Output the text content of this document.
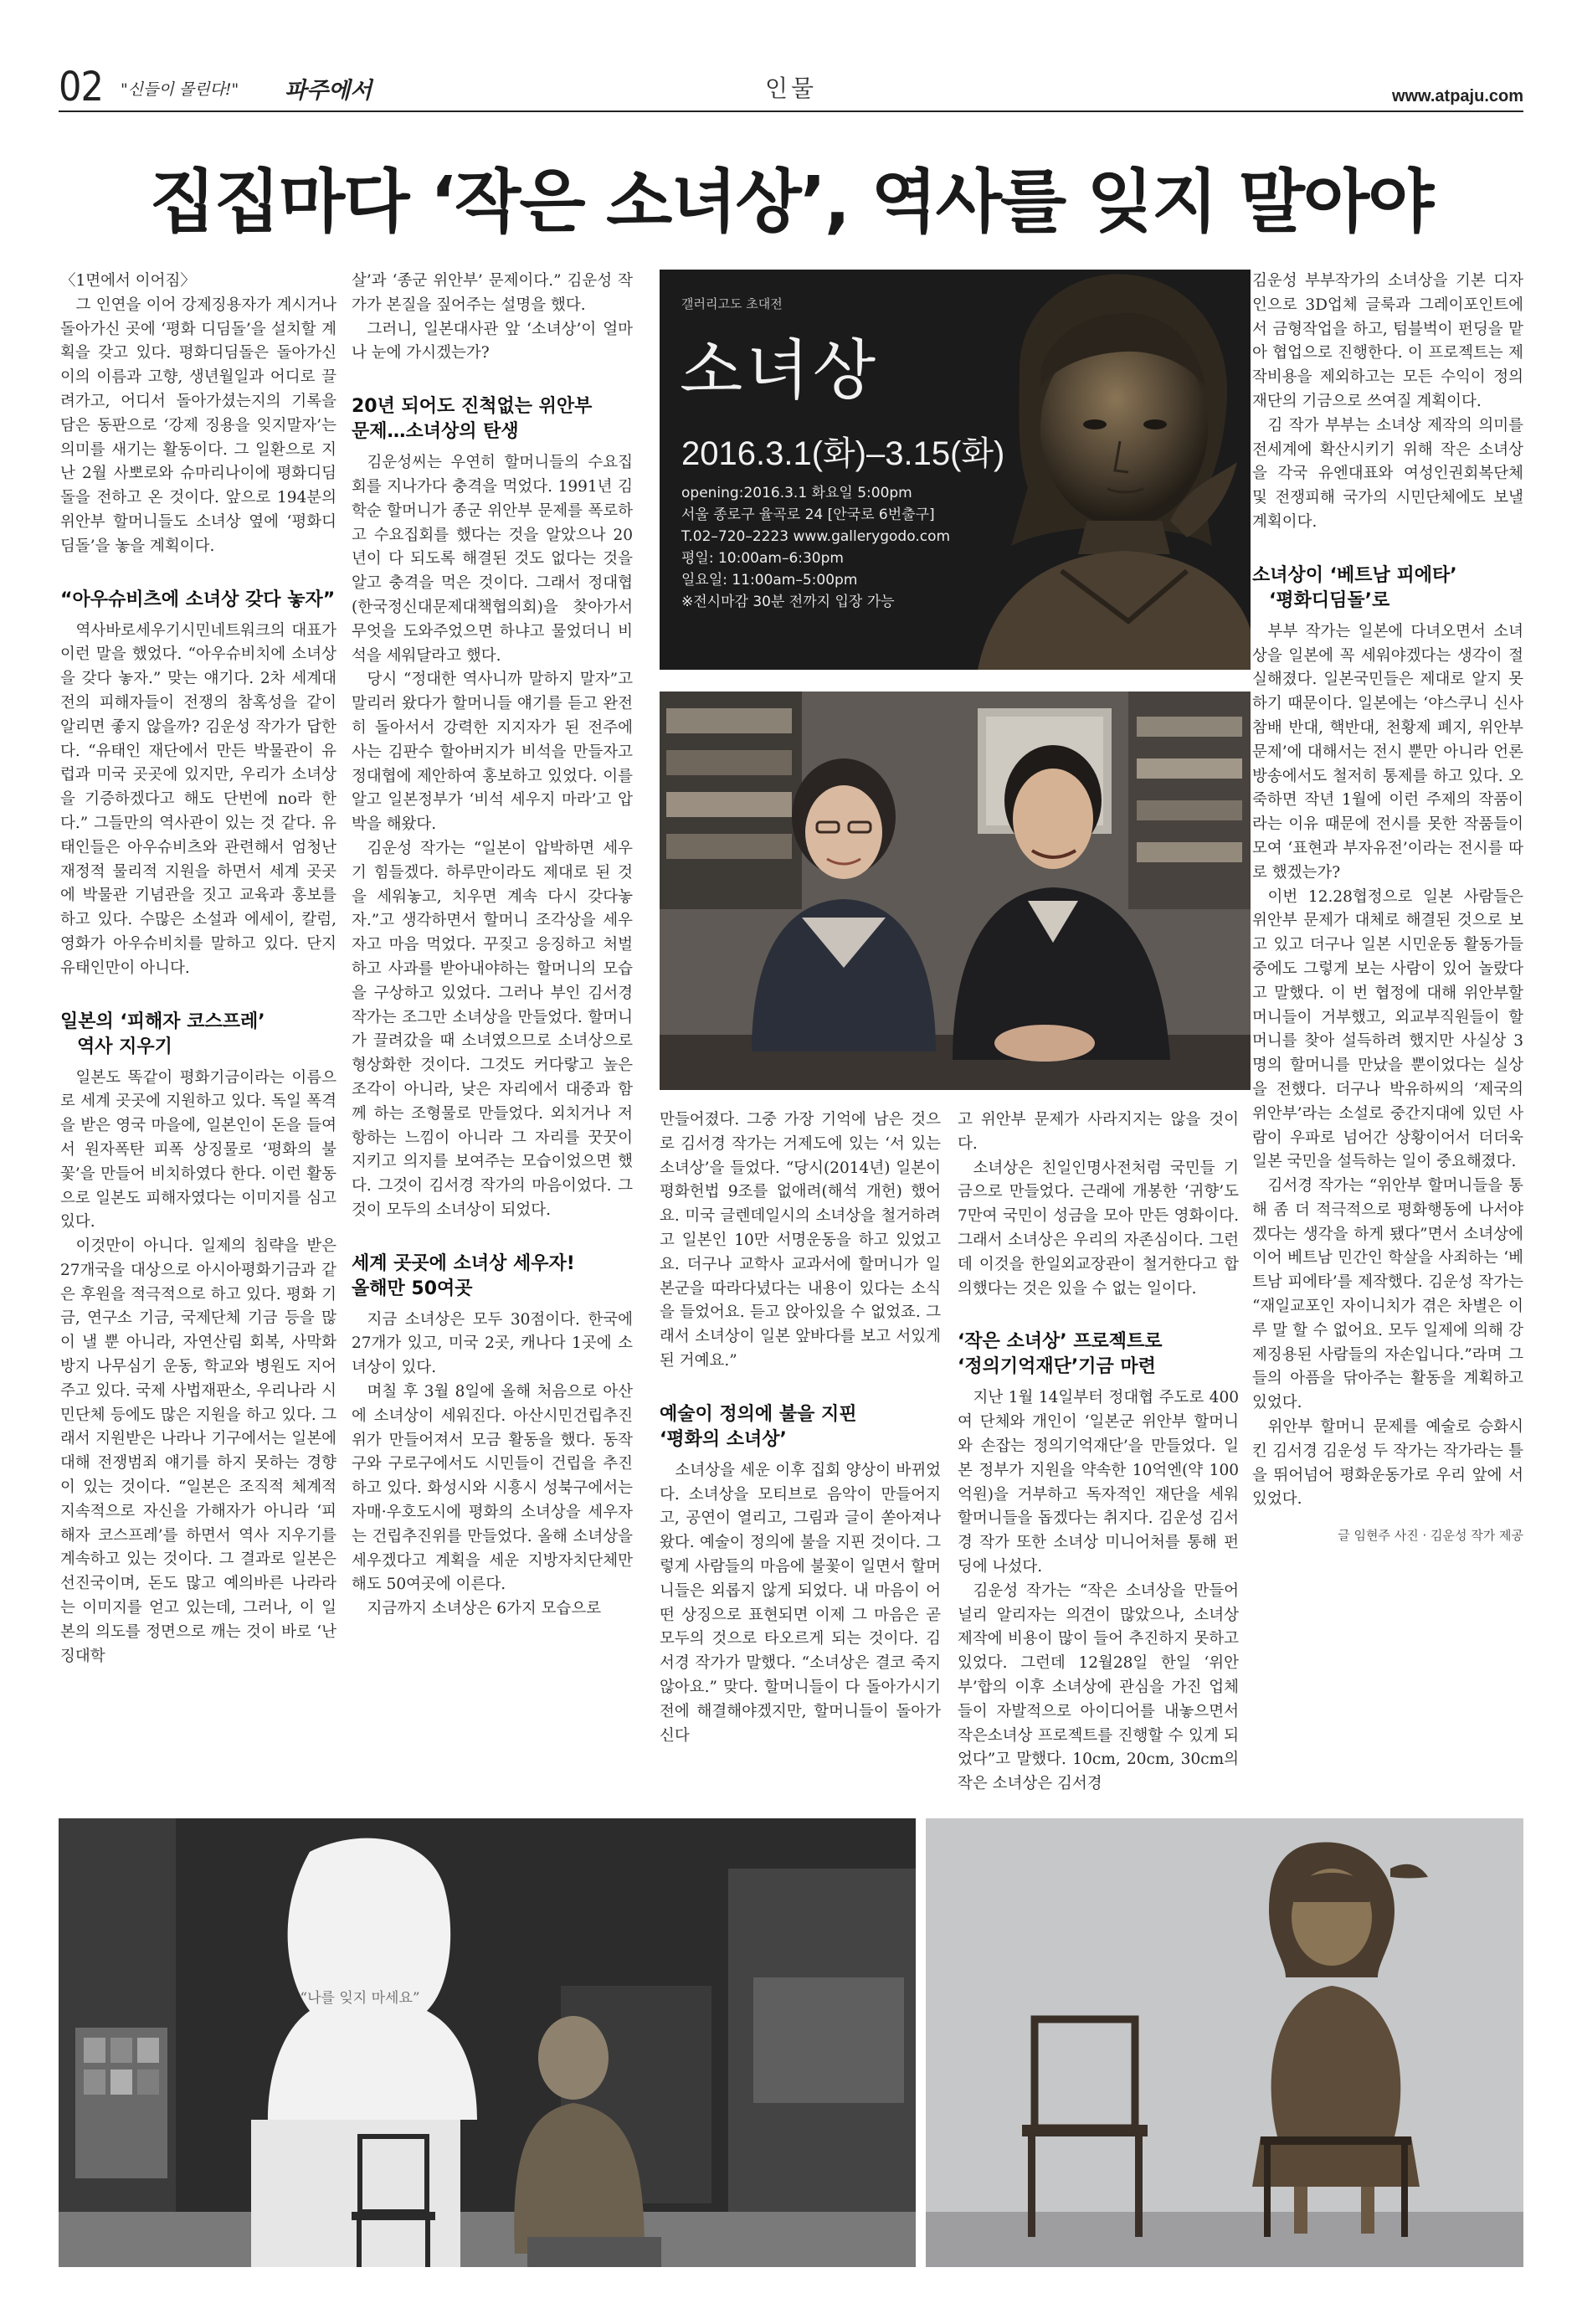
02 "신들이 몰린다!" 파주에서	인물	www.atpaju.com
집집마다 ‘작은 소녀상’, 역사를 잊지 말아야

〈1면에서 이어짐〉

그 인연을 이어 강제징용자가 계시거나 돌아가신 곳에 ‘평화 디딤돌’을 설치할 계획을 갖고 있다. 평화디딤돌은 돌아가신 이의 이름과 고향, 생년월일과 어디로 끌려가고, 어디서 돌아가셨는지의 기록을 담은 동판으로 ‘강제 징용을 잊지말자’는 의미를 새기는 활동이다. 그 일환으로 지난 2월 사뽀로와 슈마리나이에 평화디딤돌을 전하고 온 것이다. 앞으로 194분의 위안부 할머니들도 소녀상 옆에 ‘평화디딤돌’을 놓을 계획이다.

“아우슈비츠에 소녀상 갖다 놓자”

역사바로세우기시민네트워크의 대표가 이런 말을 했었다. “아우슈비치에 소녀상을 갖다 놓자.” 맞는 얘기다. 2차 세계대전의 피해자들이 전쟁의 참혹성을 같이 알리면 좋지 않을까? 김운성 작가가 답한다. “유태인 재단에서 만든 박물관이 유럽과 미국 곳곳에 있지만, 우리가 소녀상을 기증하겠다고 해도 단번에 no라 한다.” 그들만의 역사관이 있는 것 같다. 유태인들은 아우슈비츠와 관련해서 엄청난 재정적 물리적 지원을 하면서 세계 곳곳에 박물관 기념관을 짓고 교육과 홍보를 하고 있다. 수많은 소설과 에세이, 칼럼, 영화가 아우슈비치를 말하고 있다. 단지 유태인만이 아니다.

일본의 ‘피해자 코스프레’
역사 지우기

일본도 똑같이 평화기금이라는 이름으로 세계 곳곳에 지원하고 있다. 독일 폭격을 받은 영국 마을에, 일본인이 돈을 들여서 원자폭탄 피폭 상징물로 ‘평화의 불꽃’을 만들어 비치하였다 한다. 이런 활동으로 일본도 피해자였다는 이미지를 심고 있다.

이것만이 아니다. 일제의 침략을 받은 27개국을 대상으로 아시아평화기금과 같은 후원을 적극적으로 하고 있다. 평화 기금, 연구소 기금, 국제단체 기금 등을 많이 낼 뿐 아니라, 자연산림 회복, 사막화 방지 나무심기 운동, 학교와 병원도 지어주고 있다. 국제 사법재판소, 우리나라 시민단체 등에도 많은 지원을 하고 있다. 그래서 지원받은 나라나 기구에서는 일본에 대해 전쟁범죄 얘기를 하지 못하는 경향이 있는 것이다. “일본은 조직적 체계적 지속적으로 자신을 가해자가 아니라 ‘피해자 코스프레’를 하면서 역사 지우기를 계속하고 있는 것이다. 그 결과로 일본은 선진국이며, 돈도 많고 예의바른 나라라는 이미지를 얻고 있는데, 그러나, 이 일본의 의도를 정면으로 깨는 것이 바로 ‘난징대학

살’과 ‘종군 위안부’ 문제이다.” 김운성 작가가 본질을 짚어주는 설명을 했다.

그러니, 일본대사관 앞 ‘소녀상’이 얼마나 눈에 가시겠는가?

20년 되어도 진척없는 위안부
문제…소녀상의 탄생

김운성씨는 우연히 할머니들의 수요집회를 지나가다 충격을 먹었다. 1991년 김학순 할머니가 종군 위안부 문제를 폭로하고 수요집회를 했다는 것을 알았으나 20년이 다 되도록 해결된 것도 없다는 것을 알고 충격을 먹은 것이다. 그래서 정대협(한국정신대문제대책협의회)을 찾아가서 무엇을 도와주었으면 하냐고 물었더니 비석을 세워달라고 했다.

당시 “정대한 역사니까 말하지 말자”고 말리러 왔다가 할머니들 얘기를 듣고 완전히 돌아서서 강력한 지지자가 된 전주에 사는 김판수 할아버지가 비석을 만들자고 정대협에 제안하여 홍보하고 있었다. 이를 알고 일본정부가 ‘비석 세우지 마라’고 압박을 해왔다.

김운성 작가는 “일본이 압박하면 세우기 힘들겠다. 하루만이라도 제대로 된 것을 세워놓고, 치우면 계속 다시 갖다놓자.”고 생각하면서 할머니 조각상을 세우자고 마음 먹었다. 꾸짖고 응징하고 처벌하고 사과를 받아내야하는 할머니의 모습을 구상하고 있었다. 그러나 부인 김서경 작가는 조그만 소녀상을 만들었다. 할머니가 끌려갔을 때 소녀였으므로 소녀상으로 형상화한 것이다. 그것도 커다랗고 높은 조각이 아니라, 낮은 자리에서 대중과 함께 하는 조형물로 만들었다. 외치거나 저항하는 느낌이 아니라 그 자리를 꿋꿋이 지키고 의지를 보여주는 모습이었으면 했다. 그것이 김서경 작가의 마음이었다. 그것이 모두의 소녀상이 되었다.

세계 곳곳에 소녀상 세우자!
올해만 50여곳

지금 소녀상은 모두 30점이다. 한국에 27개가 있고, 미국 2곳, 캐나다 1곳에 소녀상이 있다.

며칠 후 3월 8일에 올해 처음으로 아산에 소녀상이 세워진다. 아산시민건립추진위가 만들어져서 모금 활동을 했다. 동작구와 구로구에서도 시민들이 건립을 추진하고 있다. 화성시와 시흥시 성북구에서는 자매·우호도시에 평화의 소녀상을 세우자는 건립추진위를 만들었다. 올해 소녀상을 세우겠다고 계획을 세운 지방자치단체만해도 50여곳에 이른다.

지금까지 소녀상은 6가지 모습으로

갤러리고도 초대전
소녀상
2016.3.1(화)–3.15(화)
opening:2016.3.1 화요일 5:00pm
서울 종로구 율곡로 24 [안국로 6번출구]
T.02–720–2223 www.gallerygodo.com
평일: 10:00am–6:30pm
일요일: 11:00am–5:00pm
※전시마감 30분 전까지 입장 가능

만들어졌다. 그중 가장 기억에 남은 것으로 김서경 작가는 거제도에 있는 ‘서 있는 소녀상’을 들었다. “당시(2014년) 일본이 평화헌법 9조를 없애려(해석 개헌) 했어요. 미국 글렌데일시의 소녀상을 철거하려고 일본인 10만 서명운동을 하고 있었고요. 더구나 교학사 교과서에 할머니가 일본군을 따라다녔다는 내용이 있다는 소식을 들었어요. 듣고 앉아있을 수 없었죠. 그래서 소녀상이 일본 앞바다를 보고 서있게 된 거예요.”

예술이 정의에 불을 지핀
‘평화의 소녀상’

소녀상을 세운 이후 집회 양상이 바뀌었다. 소녀상을 모티브로 음악이 만들어지고, 공연이 열리고, 그림과 글이 쏟아져나왔다. 예술이 정의에 불을 지핀 것이다. 그렇게 사람들의 마음에 불꽃이 일면서 할머니들은 외롭지 않게 되었다. 내 마음이 어떤 상징으로 표현되면 이제 그 마음은 곧 모두의 것으로 타오르게 되는 것이다. 김서경 작가가 말했다. “소녀상은 결코 죽지 않아요.” 맞다. 할머니들이 다 돌아가시기 전에 해결해야겠지만, 할머니들이 돌아가신다

고 위안부 문제가 사라지지는 않을 것이다.

소녀상은 친일인명사전처럼 국민들 기금으로 만들었다. 근래에 개봉한 ‘귀향’도 7만여 국민이 성금을 모아 만든 영화이다. 그래서 소녀상은 우리의 자존심이다. 그런데 이것을 한일외교장관이 철거한다고 합의했다는 것은 있을 수 없는 일이다.

‘작은 소녀상’ 프로젝트로
‘정의기억재단’기금 마련

지난 1월 14일부터 정대협 주도로 400여 단체와 개인이 ‘일본군 위안부 할머니와 손잡는 정의기억재단’을 만들었다. 일본 정부가 지원을 약속한 10억엔(약 100억원)을 거부하고 독자적인 재단을 세워 할머니들을 돕겠다는 취지다. 김운성 김서경 작가 또한 소녀상 미니어처를 통해 펀딩에 나섰다.

김운성 작가는 “작은 소녀상을 만들어 널리 알리자는 의견이 많았으나, 소녀상 제작에 비용이 많이 들어 추진하지 못하고 있었다. 그런데 12월28일 한일 ‘위안부’합의 이후 소녀상에 관심을 가진 업체들이 자발적으로 아이디어를 내놓으면서 작은소녀상 프로젝트를 진행할 수 있게 되었다”고 말했다. 10cm, 20cm, 30cm의 작은 소녀상은 김서경

김운성 부부작가의 소녀상을 기본 디자인으로 3D업체 글룩과 그레이포인트에서 금형작업을 하고, 텀블벅이 펀딩을 맡아 협업으로 진행한다. 이 프로젝트는 제작비용을 제외하고는 모든 수익이 정의재단의 기금으로 쓰여질 계획이다.

김 작가 부부는 소녀상 제작의 의미를 전세계에 확산시키기 위해 작은 소녀상을 각국 유엔대표와 여성인권회복단체 및 전쟁피해 국가의 시민단체에도 보낼 계획이다.

소녀상이 ‘베트남 피에타’
‘평화디딤돌’로

부부 작가는 일본에 다녀오면서 소녀상을 일본에 꼭 세워야겠다는 생각이 절실해졌다. 일본국민들은 제대로 알지 못하기 때문이다. 일본에는 ‘야스쿠니 신사참배 반대, 핵반대, 천황제 폐지, 위안부 문제’에 대해서는 전시 뿐만 아니라 언론 방송에서도 철저히 통제를 하고 있다. 오죽하면 작년 1월에 이런 주제의 작품이라는 이유 때문에 전시를 못한 작품들이 모여 ‘표현과 부자유전’이라는 전시를 따로 했겠는가?

이번 12.28협정으로 일본 사람들은 위안부 문제가 대체로 해결된 것으로 보고 있고 더구나 일본 시민운동 활동가들 중에도 그렇게 보는 사람이 있어 놀랐다고 말했다. 이 번 협정에 대해 위안부할머니들이 거부했고, 외교부직원들이 할머니를 찾아 설득하려 했지만 사실상 3명의 할머니를 만났을 뿐이었다는 실상을 전했다. 더구나 박유하씨의 ‘제국의 위안부’라는 소설로 중간지대에 있던 사람이 우파로 넘어간 상황이어서 더더욱 일본 국민을 설득하는 일이 중요해졌다.

김서경 작가는 “위안부 할머니들을 통해 좀 더 적극적으로 평화행동에 나서야겠다는 생각을 하게 됐다”면서 소녀상에 이어 베트남 민간인 학살을 사죄하는 ‘베트남 피에타’를 제작했다. 김운성 작가는 “재일교포인 자이니치가 겪은 차별은 이루 말 할 수 없어요. 모두 일제에 의해 강제징용된 사람들의 자손입니다.”라며 그들의 아픔을 닦아주는 활동을 계획하고 있었다.

위안부 할머니 문제를 예술로 승화시킨 김서경 김운성 두 작가는 작가라는 틀을 뛰어넘어 평화운동가로 우리 앞에 서 있었다.

글 임현주 사진 · 김운성 작가 제공
“나를 잊지 마세요”
